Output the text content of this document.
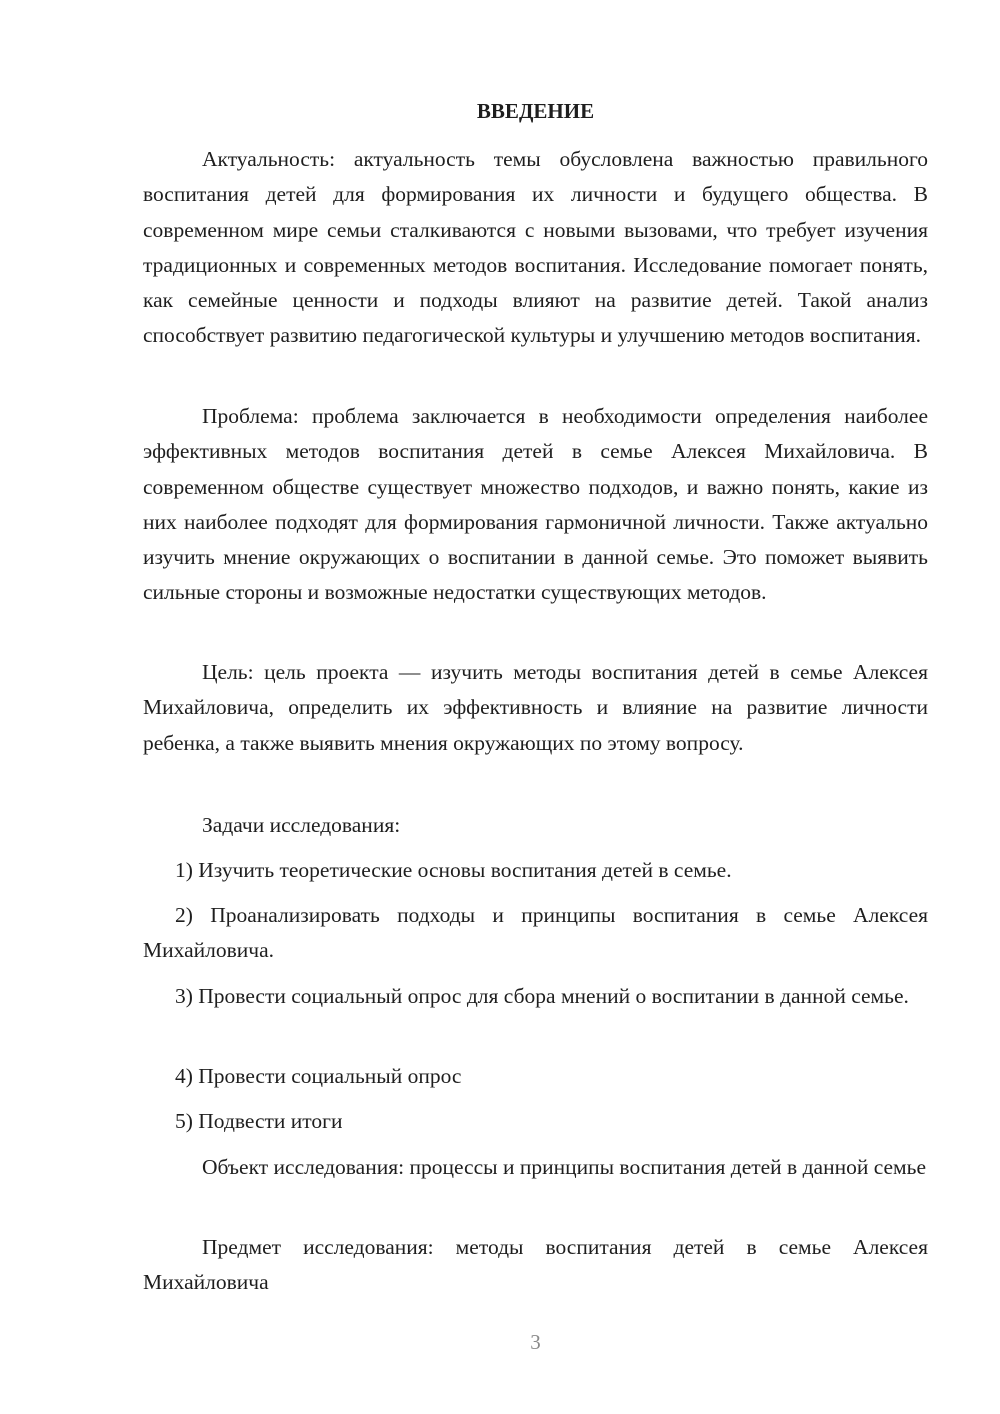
ВВЕДЕНИЕ

Актуальность: актуальность темы обусловлена важностью правильного воспитания детей для формирования их личности и будущего общества. В современном мире семьи сталкиваются с новыми вызовами, что требует изучения традиционных и современных методов воспитания. Исследование помогает понять, как семейные ценности и подходы влияют на развитие детей. Такой анализ способствует развитию педагогической культуры и улучшению методов воспитания.

Проблема: проблема заключается в необходимости определения наиболее эффективных методов воспитания детей в семье Алексея Михайловича. В современном обществе существует множество подходов, и важно понять, какие из них наиболее подходят для формирования гармоничной личности. Также актуально изучить мнение окружающих о воспитании в данной семье. Это поможет выявить сильные стороны и возможные недостатки существующих методов.

Цель: цель проекта — изучить методы воспитания детей в семье Алексея Михайловича, определить их эффективность и влияние на развитие личности ребенка, а также выявить мнения окружающих по этому вопросу.

Задачи исследования:

1) Изучить теоретические основы воспитания детей в семье.

2) Проанализировать подходы и принципы воспитания в семье Алексея Михайловича.

3) Провести социальный опрос для сбора мнений о воспитании в данной семье.

4) Провести социальный опрос

5) Подвести итоги

Объект исследования: процессы и принципы воспитания детей в данной семье

Предмет исследования: методы воспитания детей в семье Алексея Михайловича

3
